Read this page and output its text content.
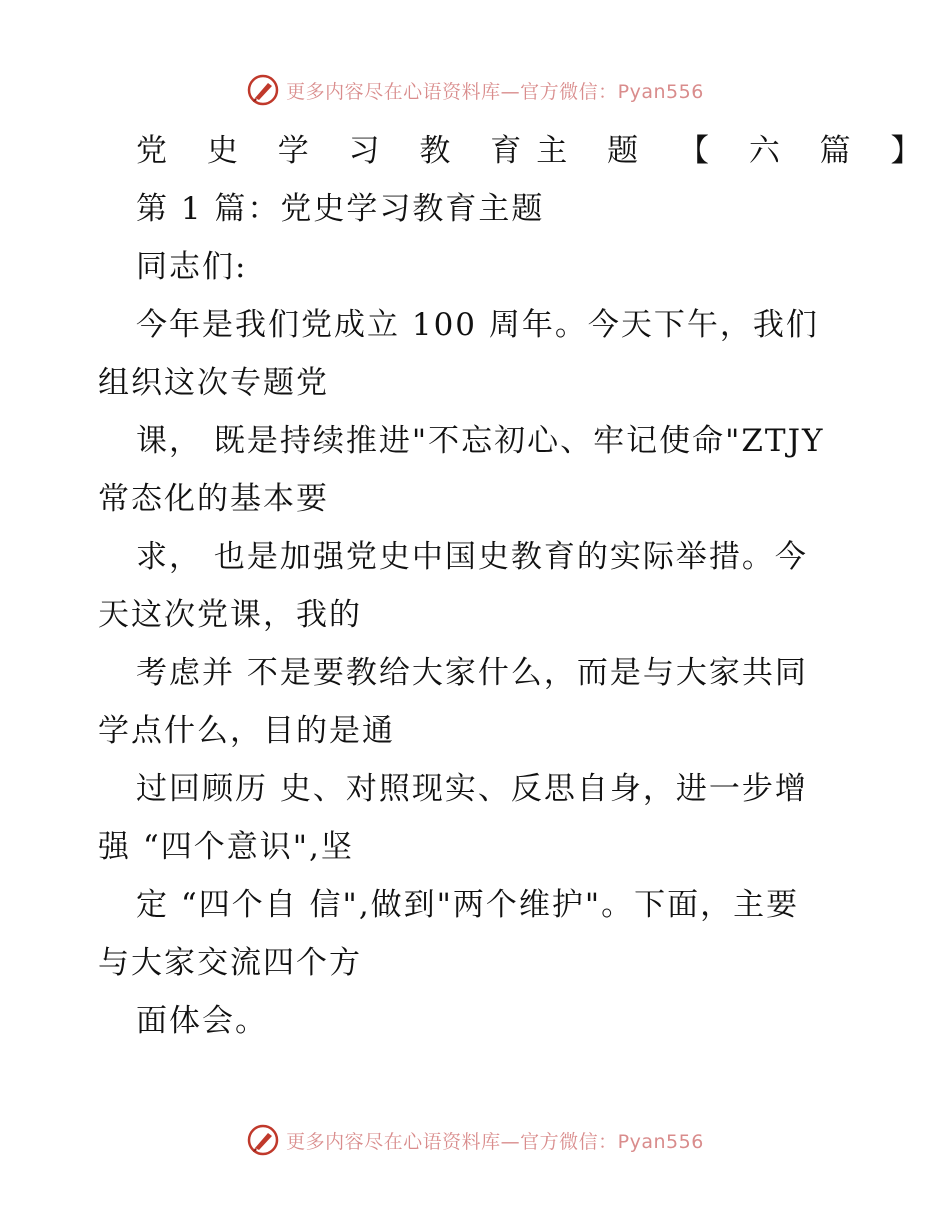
更多内容尽在心语资料库—官方微信：Pyan556
党 史 学 习 教 育主 题 【 六 篇 】
第 1 篇：党史学习教育主题
同志们:
今年是我们党成立 100 周年。今天下午，我们
组织这次专题党
课， 既是持续推进"不忘初心、牢记使命"ZTJY
常态化的基本要
求， 也是加强党史中国史教育的实际举措。今
天这次党课，我的
考虑并 不是要教给大家什么，而是与大家共同
学点什么，目的是通
过回顾历 史、对照现实、反思自身，进一步增
强 “四个意识",坚
定 “四个自 信",做到"两个维护"。下面，主要
与大家交流四个方
面体会。
更多内容尽在心语资料库—官方微信：Pyan556
